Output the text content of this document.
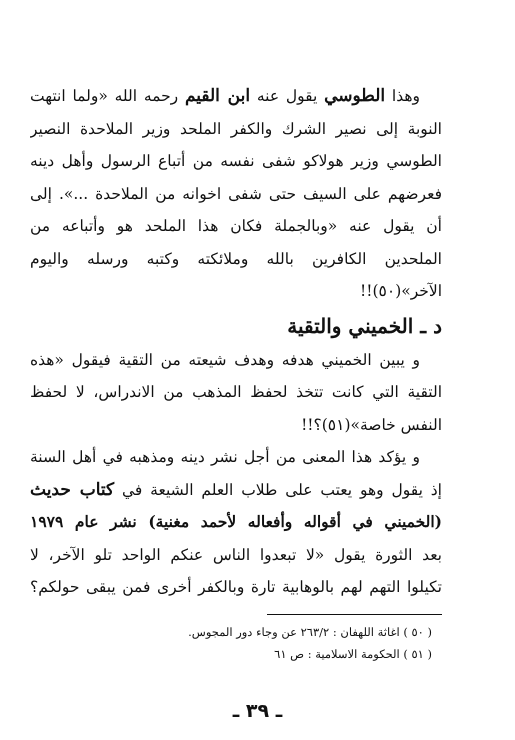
وهذا الطوسي يقول عنه ابن القيم رحمه الله «ولما انتهت
النوبة إلى نصير الشرك والكفر الملحد وزير الملاحدة النصير
الطوسي وزير هولاكو شفى نفسه من أتباع الرسول وأهل دينه
فعرضهم على السيف حتى شفى اخوانه من الملاحدة ...». إلى
أن يقول عنه «وبالجملة فكان هذا الملحد هو وأتباعه من
الملحدين الكافرين بالله وملائكته وكتبه ورسله واليوم
الآخر»(٥٠)!!
د ـ الخميني والتقية
و يبين الخميني هدفه وهدف شيعته من التقية فيقول «هذه
التقية التي كانت تتخذ لحفظ المذهب من الاندراس، لا لحفظ
النفس خاصة»(٥١)؟!!
و يؤكد هذا المعنى من أجل نشر دينه ومذهبه في أهل السنة
إذ يقول وهو يعتب على طلاب العلم الشيعة في كتاب حديث
(الخميني في أقواله وأفعاله لأحمد مغنية) نشر عام ١٩٧٩
بعد الثورة يقول «لا تبعدوا الناس عنكم الواحد تلو الآخر، لا
تكيلوا التهم لهم بالوهابية تارة وبالكفر أخرى فمن يبقى حولكم؟
( ٥٠ ) اغاثة اللهفان : ٢٦٣/٢ عن وجاء دور المجوس.
( ٥١ ) الحكومة الاسلامية : ص ٦١
ـ ٣٩ ـ
